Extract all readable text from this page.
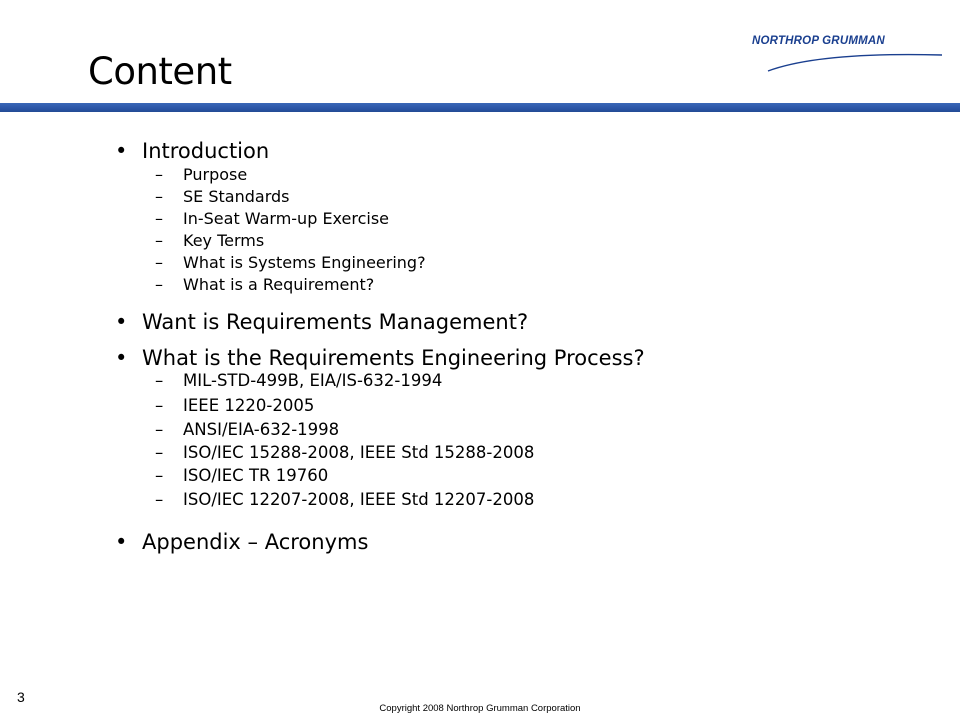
Content
NORTHROP GRUMMAN
• Introduction
– Purpose
– SE Standards
– In-Seat Warm-up Exercise
– Key Terms
– What is Systems Engineering?
– What is a Requirement?
• Want is Requirements Management?
• What is the Requirements Engineering Process?
– MIL-STD-499B, EIA/IS-632-1994
– IEEE 1220-2005
– ANSI/EIA-632-1998
– ISO/IEC 15288-2008, IEEE Std 15288-2008
– ISO/IEC TR 19760
– ISO/IEC 12207-2008, IEEE Std 12207-2008
• Appendix – Acronyms
3
Copyright 2008 Northrop Grumman Corporation
